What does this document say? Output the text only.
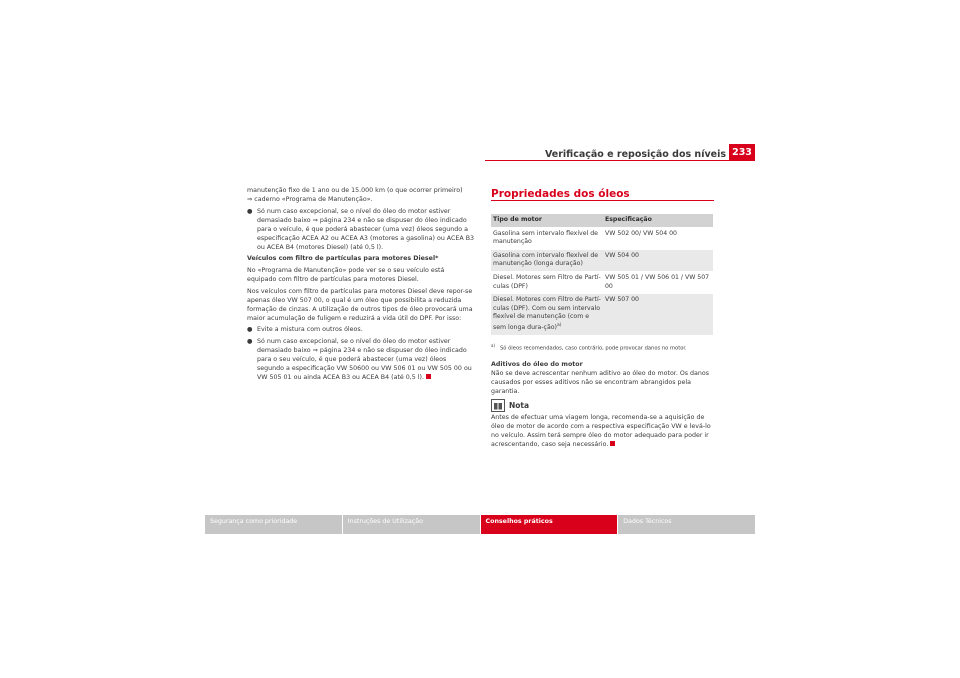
Verificação e reposição dos níveis 233

manutenção fixo de 1 ano ou de 15.000 km (o que ocorrer primeiro)
⇒ caderno «Programa de Manutenção».

● Só num caso excepcional, se o nível do óleo do motor estiver demasiado baixo ⇒ página 234 e não se dispuser do óleo indicado para o veículo, é que poderá abastecer (uma vez) óleos segundo a especificação ACEA A2 ou ACEA A3 (motores a gasolina) ou ACEA B3 ou ACEA B4 (motores Diesel) (até 0,5 l).

Veículos com filtro de partículas para motores Diesel*

No «Programa de Manutenção» pode ver se o seu veículo está equipado com filtro de partículas para motores Diesel.

Nos veículos com filtro de partículas para motores Diesel deve repor-se apenas óleo VW 507 00, o qual é um óleo que possibilita a reduzida formação de cinzas. A utilização de outros tipos de óleo provocará uma maior acumulação de fuligem e reduzirá a vida útil do DPF. Por isso:

● Evite a mistura com outros óleos.

● Só num caso excepcional, se o nível do óleo do motor estiver demasiado baixo ⇒ página 234 e não se dispuser do óleo indicado para o seu veículo, é que poderá abastecer (uma vez) óleos segundo a especificação VW 50600 ou VW 506 01 ou VW 505 00 ou VW 505 01 ou ainda ACEA B3 ou ACEA B4 (até 0,5 l).

Propriedades dos óleos
Tipo de motor	Especificação
Gasolina sem intervalo flexível de manutenção	VW 502 00/ VW 504 00
Gasolina com intervalo flexível de manutenção (longa duração)	VW 504 00
Diesel. Motores sem Filtro de Partí-culas (DPF)	VW 505 01 / VW 506 01 / VW 507 00
Diesel. Motores com Filtro de Partí-culas (DPF). Com ou sem intervalo flexível de manutenção (com e sem longa dura-ção)$^{a)}$	VW 507 00
$^{a)}$Só óleos recomendados, caso contrário, pode provocar danos no motor.

Aditivos do óleo do motor

Não se deve acrescentar nenhum aditivo ao óleo do motor. Os danos causados por esses aditivos não se encontram abrangidos pela garantia.

Nota

Antes de efectuar uma viagem longa, recomenda-se a aquisição de óleo de motor de acordo com a respectiva especificação VW e levá-lo no veículo. Assim terá sempre óleo do motor adequado para poder ir acrescentando, caso seja necessário.

Segurança como prioridade	Instruções de Utilização	Conselhos práticos	Dados Técnicos
